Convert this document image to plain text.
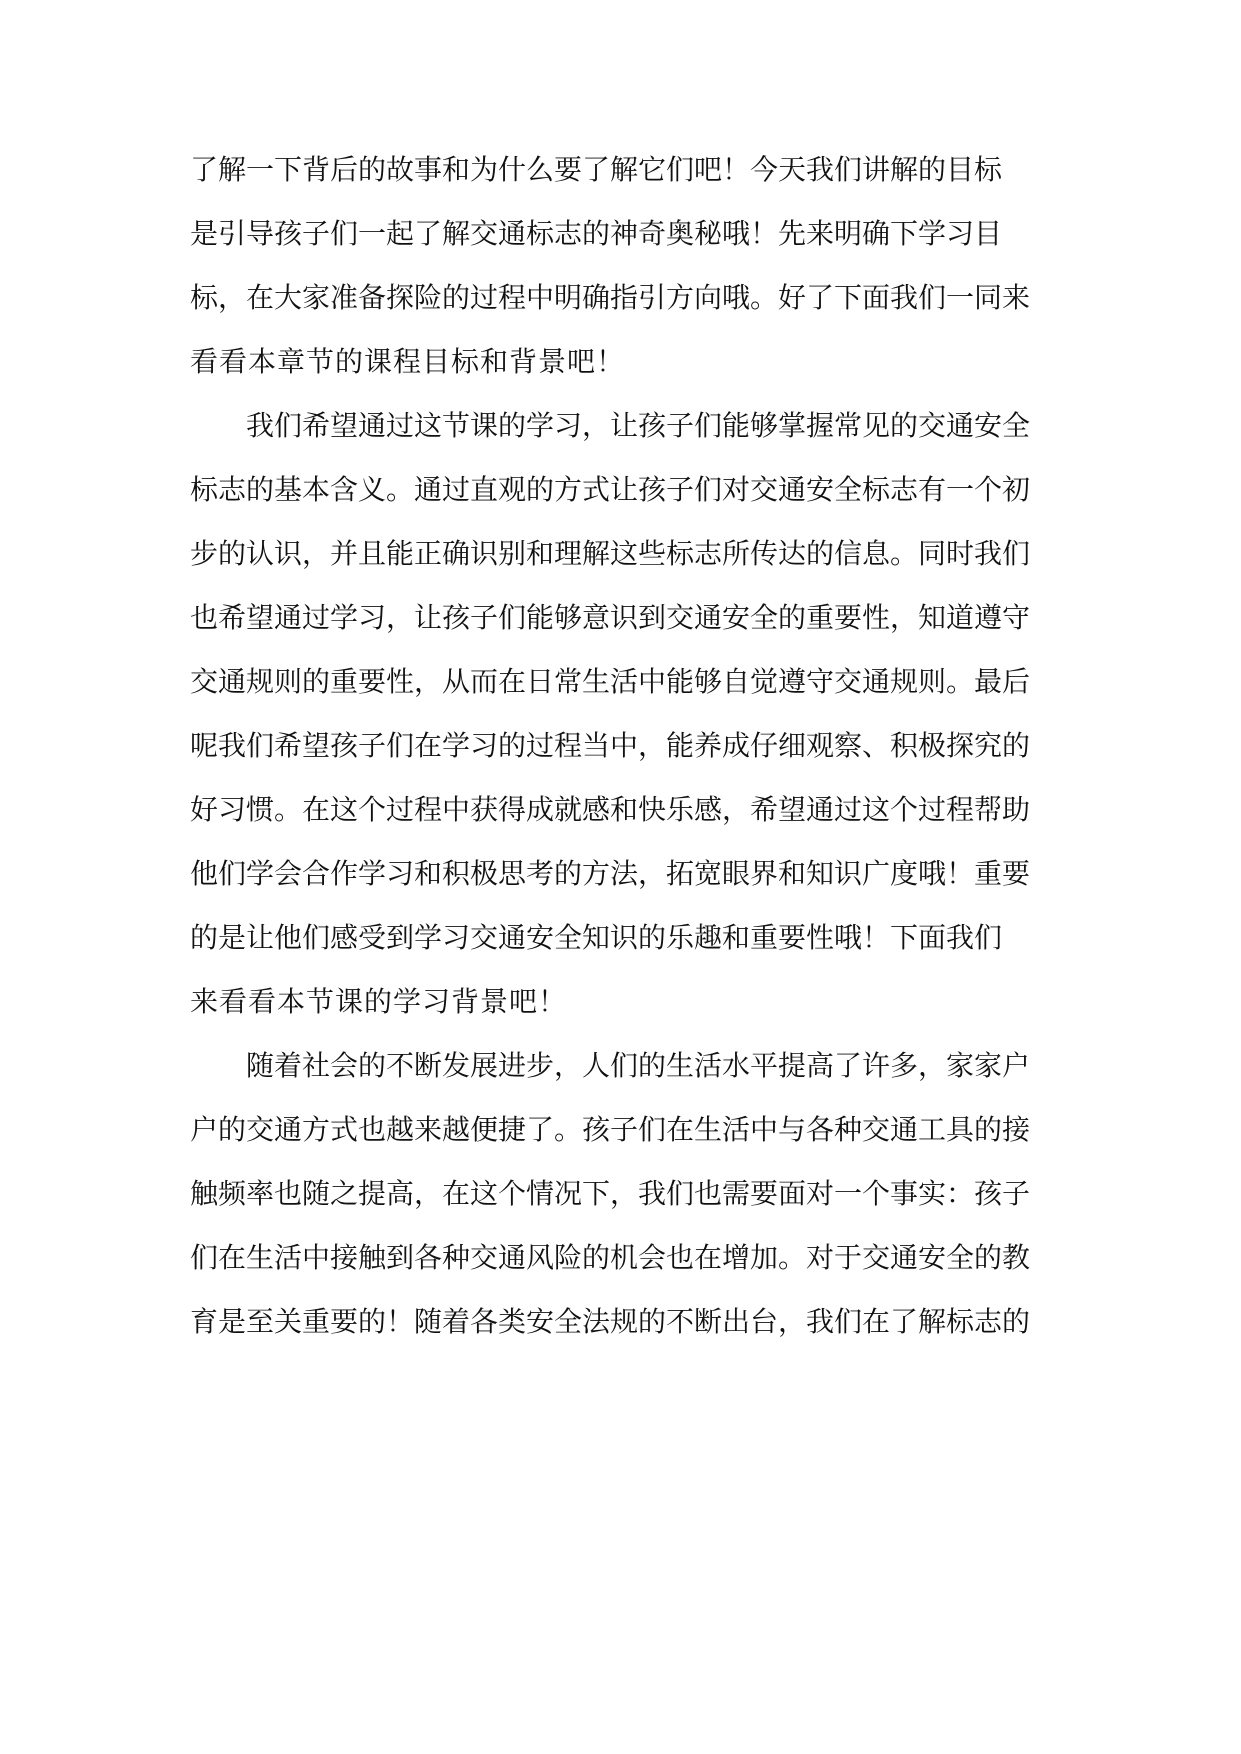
了解一下背后的故事和为什么要了解它们吧！今天我们讲解的目标
是引导孩子们一起了解交通标志的神奇奥秘哦！先来明确下学习目
标，在大家准备探险的过程中明确指引方向哦。好了下面我们一同来
看看本章节的课程目标和背景吧！
我们希望通过这节课的学习，让孩子们能够掌握常见的交通安全
标志的基本含义。通过直观的方式让孩子们对交通安全标志有一个初
步的认识，并且能正确识别和理解这些标志所传达的信息。同时我们
也希望通过学习，让孩子们能够意识到交通安全的重要性，知道遵守
交通规则的重要性，从而在日常生活中能够自觉遵守交通规则。最后
呢我们希望孩子们在学习的过程当中，能养成仔细观察、积极探究的
好习惯。在这个过程中获得成就感和快乐感，希望通过这个过程帮助
他们学会合作学习和积极思考的方法，拓宽眼界和知识广度哦！重要
的是让他们感受到学习交通安全知识的乐趣和重要性哦！下面我们
来看看本节课的学习背景吧！
随着社会的不断发展进步，人们的生活水平提高了许多，家家户
户的交通方式也越来越便捷了。孩子们在生活中与各种交通工具的接
触频率也随之提高，在这个情况下，我们也需要面对一个事实：孩子
们在生活中接触到各种交通风险的机会也在增加。对于交通安全的教
育是至关重要的！随着各类安全法规的不断出台，我们在了解标志的
